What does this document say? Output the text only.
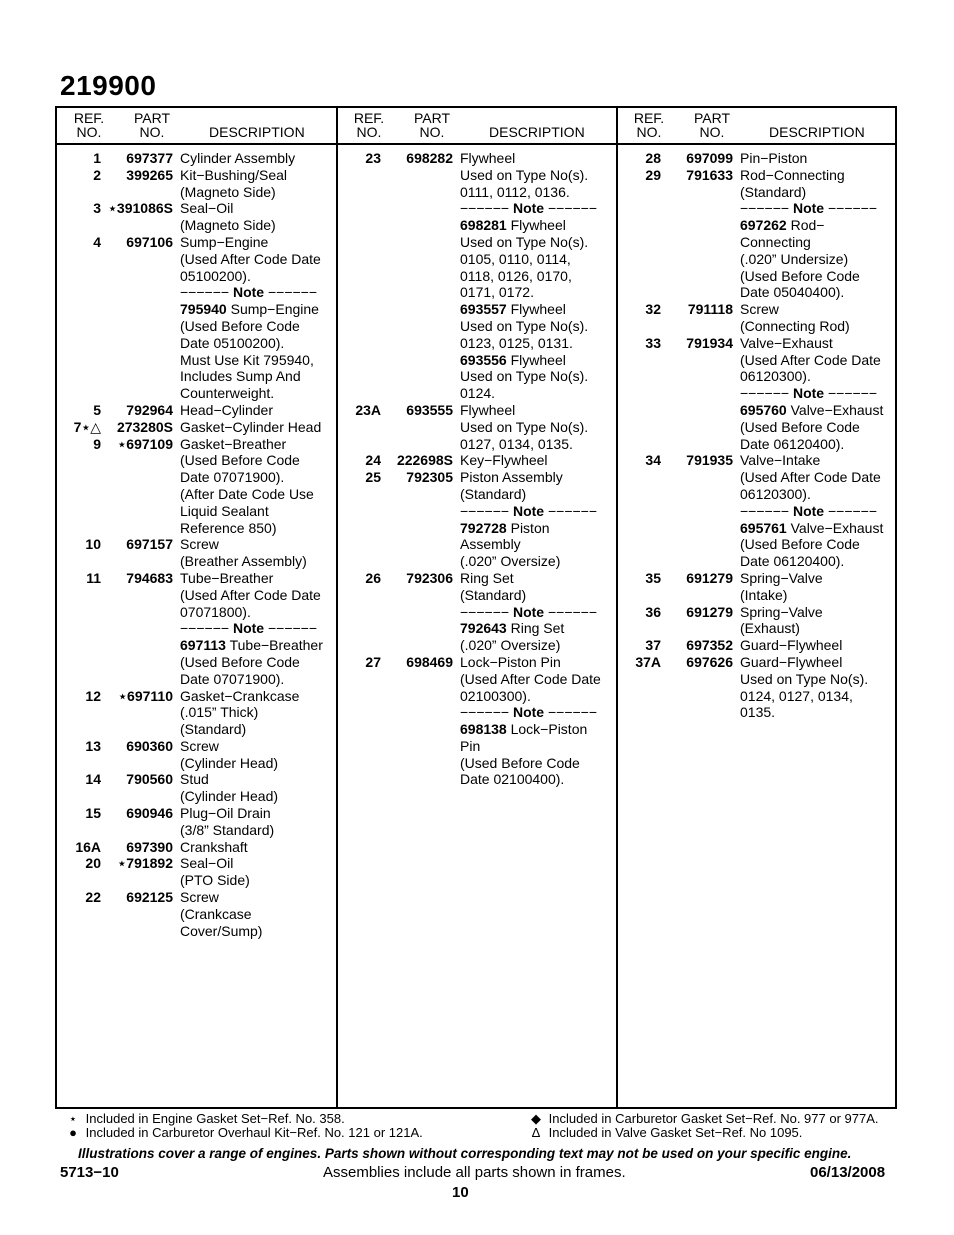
219900
REF.
NO.
PART
NO.	DESCRIPTION
1 697377 Cylinder Assembly
2 399265 Kit−Bushing/Seal
(Magneto Side)
3 ⋆391086S Seal−Oil
(Magneto Side)
4 697106 Sump−Engine
(Used After Code Date
05100200).
−−−−−− Note −−−−−−
795940 Sump−Engine
(Used Before Code
Date 05100200).
Must Use Kit 795940,
Includes Sump And
Counterweight.
5 792964 Head−Cylinder
7⋆△ 273280S Gasket−Cylinder Head
9 ⋆697109 Gasket−Breather
(Used Before Code
Date 07071900).
(After Date Code Use
Liquid Sealant
Reference 850)
10 697157 Screw
(Breather Assembly)
11 794683 Tube−Breather
(Used After Code Date
07071800).
−−−−−− Note −−−−−−
697113 Tube−Breather
(Used Before Code
Date 07071900).
12 ⋆697110 Gasket−Crankcase
(.015” Thick)
(Standard)
13 690360 Screw
(Cylinder Head)
14 790560 Stud
(Cylinder Head)
15 690946 Plug−Oil Drain
(3/8” Standard)
16A 697390 Crankshaft
20 ⋆791892 Seal−Oil
(PTO Side)
22 692125 Screw
(Crankcase
Cover/Sump)
REF.
NO.
PART
NO.	DESCRIPTION
23 698282 Flywheel
Used on Type No(s).
0111, 0112, 0136.
−−−−−− Note −−−−−−
698281 Flywheel
Used on Type No(s).
0105, 0110, 0114,
0118, 0126, 0170,
0171, 0172.
693557 Flywheel
Used on Type No(s).
0123, 0125, 0131.
693556 Flywheel
Used on Type No(s).
0124.
23A 693555 Flywheel
Used on Type No(s).
0127, 0134, 0135.
24 222698S Key−Flywheel
25 792305 Piston Assembly
(Standard)
−−−−−− Note −−−−−−
792728 Piston
Assembly
(.020” Oversize)
26 792306 Ring Set
(Standard)
−−−−−− Note −−−−−−
792643 Ring Set
(.020” Oversize)
27 698469 Lock−Piston Pin
(Used After Code Date
02100300).
−−−−−− Note −−−−−−
698138 Lock−Piston
Pin
(Used Before Code
Date 02100400).
REF.
NO.
PART
NO.	DESCRIPTION
28 697099 Pin−Piston
29 791633 Rod−Connecting
(Standard)
−−−−−− Note −−−−−−
697262 Rod−
Connecting
(.020” Undersize)
(Used Before Code
Date 05040400).
32 791118 Screw
(Connecting Rod)
33 791934 Valve−Exhaust
(Used After Code Date
06120300).
−−−−−− Note −−−−−−
695760 Valve−Exhaust
(Used Before Code
Date 06120400).
34 791935 Valve−Intake
(Used After Code Date
06120300).
−−−−−− Note −−−−−−
695761 Valve−Exhaust
(Used Before Code
Date 06120400).
35 691279 Spring−Valve
(Intake)
36 691279 Spring−Valve
(Exhaust)
37 697352 Guard−Flywheel
37A 697626 Guard−Flywheel
Used on Type No(s).
0124, 0127, 0134,
0135.
⋆ Included in Engine Gasket Set−Ref. No. 358.
● Included in Carburetor Overhaul Kit−Ref. No. 121 or 121A.
◆ Included in Carburetor Gasket Set−Ref. No. 977 or 977A.
∆ Included in Valve Gasket Set−Ref. No 1095.
Illustrations cover a range of engines. Parts shown without corresponding text may not be used on your specific engine.
5713−10	Assemblies include all parts shown in frames.	06/13/2008
10
